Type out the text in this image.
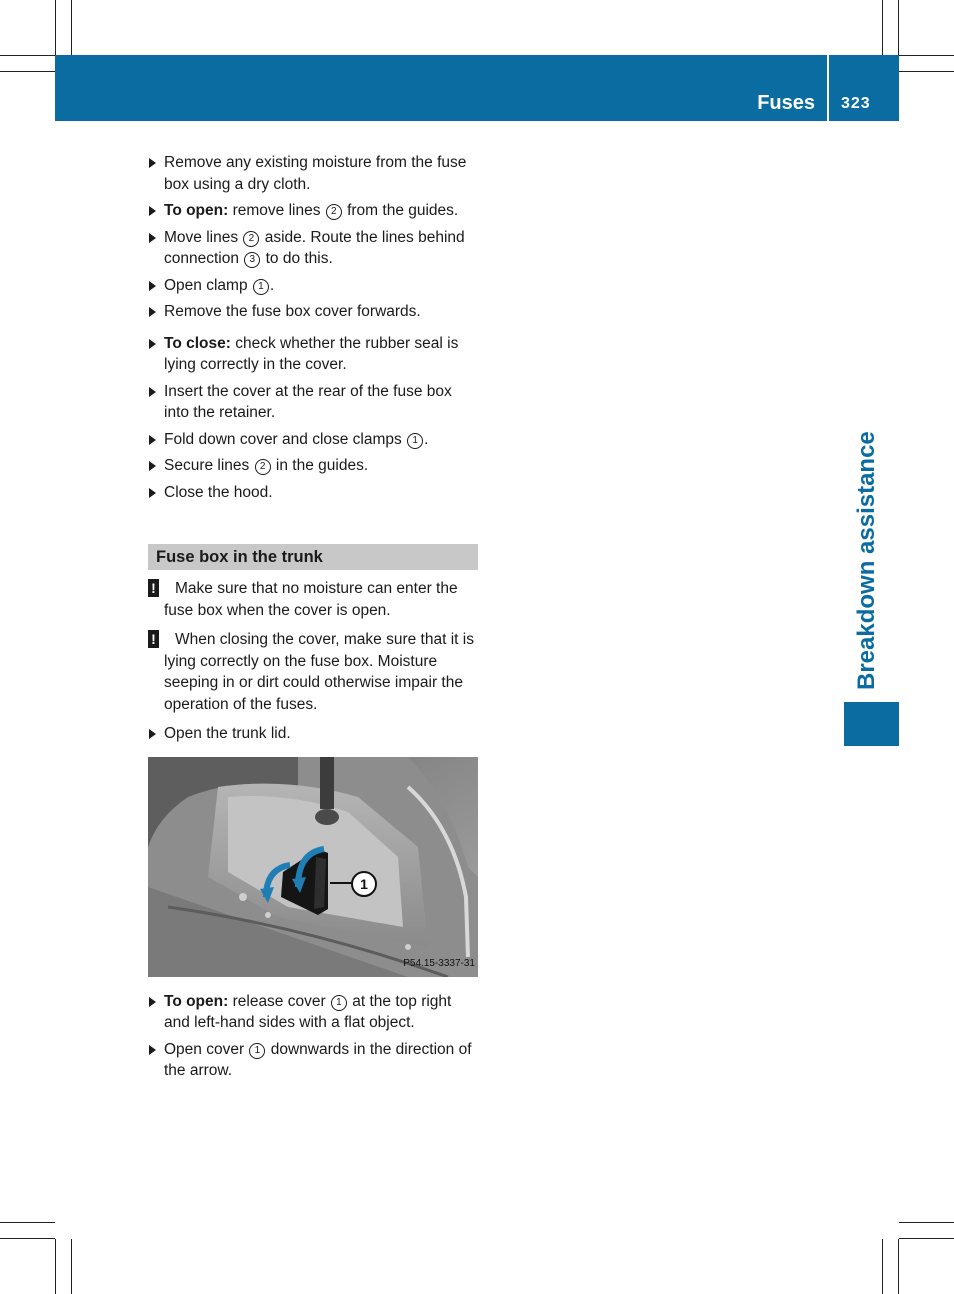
Fuses 323
Breakdown assistance
Remove any existing moisture from the fuse box using a dry cloth.
To open: remove lines 2 from the guides.
Move lines 2 aside. Route the lines behind connection 3 to do this.
Open clamp 1 .
Remove the fuse box cover forwards.
To close: check whether the rubber seal is lying correctly in the cover.
Insert the cover at the rear of the fuse box into the retainer.
Fold down cover and close clamps 1 .
Secure lines 2 in the guides.
Close the hood.
Fuse box in the trunk
! Make sure that no moisture can enter the fuse box when the cover is open.
! When closing the cover, make sure that it is lying correctly on the fuse box. Moisture seeping in or dirt could otherwise impair the operation of the fuses.
Open the trunk lid.
1
P54.15-3337-31
To open: release cover 1 at the top right and left-hand sides with a flat object.
Open cover 1 downwards in the direction of the arrow.
